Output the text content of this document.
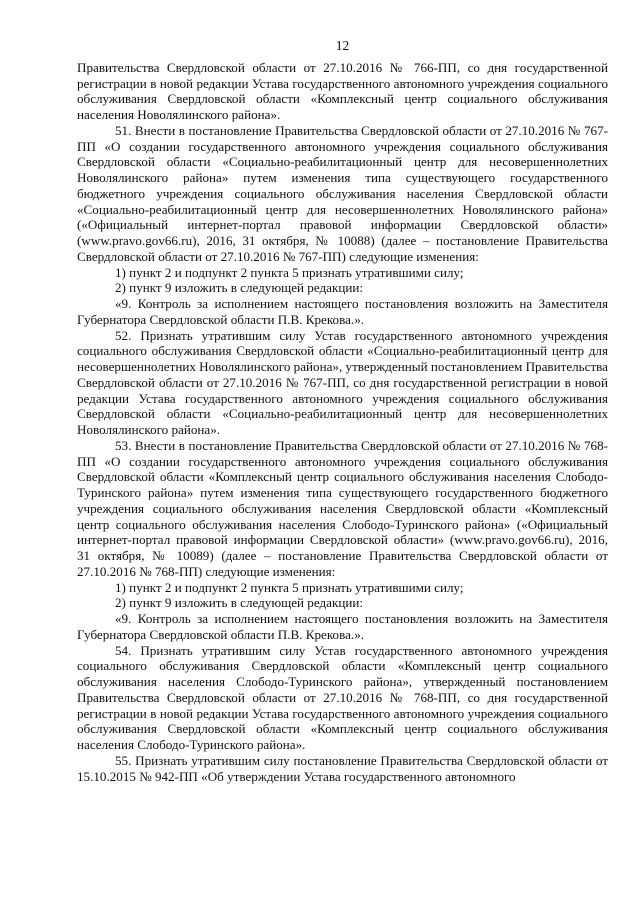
12

Правительства Свердловской области от 27.10.2016 № 766-ПП, со дня государственной регистрации в новой редакции Устава государственного автономного учреждения социального обслуживания Свердловской области «Комплексный центр социального обслуживания населения Новолялинского района».

51. Внести в постановление Правительства Свердловской области от 27.10.2016 № 767-ПП «О создании государственного автономного учреждения социального обслуживания Свердловской области «Социально-реабилитационный центр для несовершеннолетних Новолялинского района» путем изменения типа существующего государственного бюджетного учреждения социального обслуживания населения Свердловской области «Социально-реабилитационный центр для несовершеннолетних Новолялинского района» («Официальный интернет-портал правовой информации Свердловской области» (www.pravo.gov66.ru), 2016, 31 октября, № 10088) (далее – постановление Правительства Свердловской области от 27.10.2016 № 767-ПП) следующие изменения:

1) пункт 2 и подпункт 2 пункта 5 признать утратившими силу;

2) пункт 9 изложить в следующей редакции:

«9. Контроль за исполнением настоящего постановления возложить на Заместителя Губернатора Свердловской области П.В. Крекова.».

52. Признать утратившим силу Устав государственного автономного учреждения социального обслуживания Свердловской области «Социально-реабилитационный центр для несовершеннолетних Новолялинского района», утвержденный постановлением Правительства Свердловской области от 27.10.2016 № 767-ПП, со дня государственной регистрации в новой редакции Устава государственного автономного учреждения социального обслуживания Свердловской области «Социально-реабилитационный центр для несовершеннолетних Новолялинского района».

53. Внести в постановление Правительства Свердловской области от 27.10.2016 № 768-ПП «О создании государственного автономного учреждения социального обслуживания Свердловской области «Комплексный центр социального обслуживания населения Слободо-Туринского района» путем изменения типа существующего государственного бюджетного учреждения социального обслуживания населения Свердловской области «Комплексный центр социального обслуживания населения Слободо-Туринского района» («Официальный интернет-портал правовой информации Свердловской области» (www.pravo.gov66.ru), 2016, 31 октября, № 10089) (далее – постановление Правительства Свердловской области от 27.10.2016 № 768-ПП) следующие изменения:

1) пункт 2 и подпункт 2 пункта 5 признать утратившими силу;

2) пункт 9 изложить в следующей редакции:

«9. Контроль за исполнением настоящего постановления возложить на Заместителя Губернатора Свердловской области П.В. Крекова.».

54. Признать утратившим силу Устав государственного автономного учреждения социального обслуживания Свердловской области «Комплексный центр социального обслуживания населения Слободо-Туринского района», утвержденный постановлением Правительства Свердловской области от 27.10.2016 № 768-ПП, со дня государственной регистрации в новой редакции Устава государственного автономного учреждения социального обслуживания Свердловской области «Комплексный центр социального обслуживания населения Слободо-Туринского района».

55. Признать утратившим силу постановление Правительства Свердловской области от 15.10.2015 № 942-ПП «Об утверждении Устава государственного автономного
